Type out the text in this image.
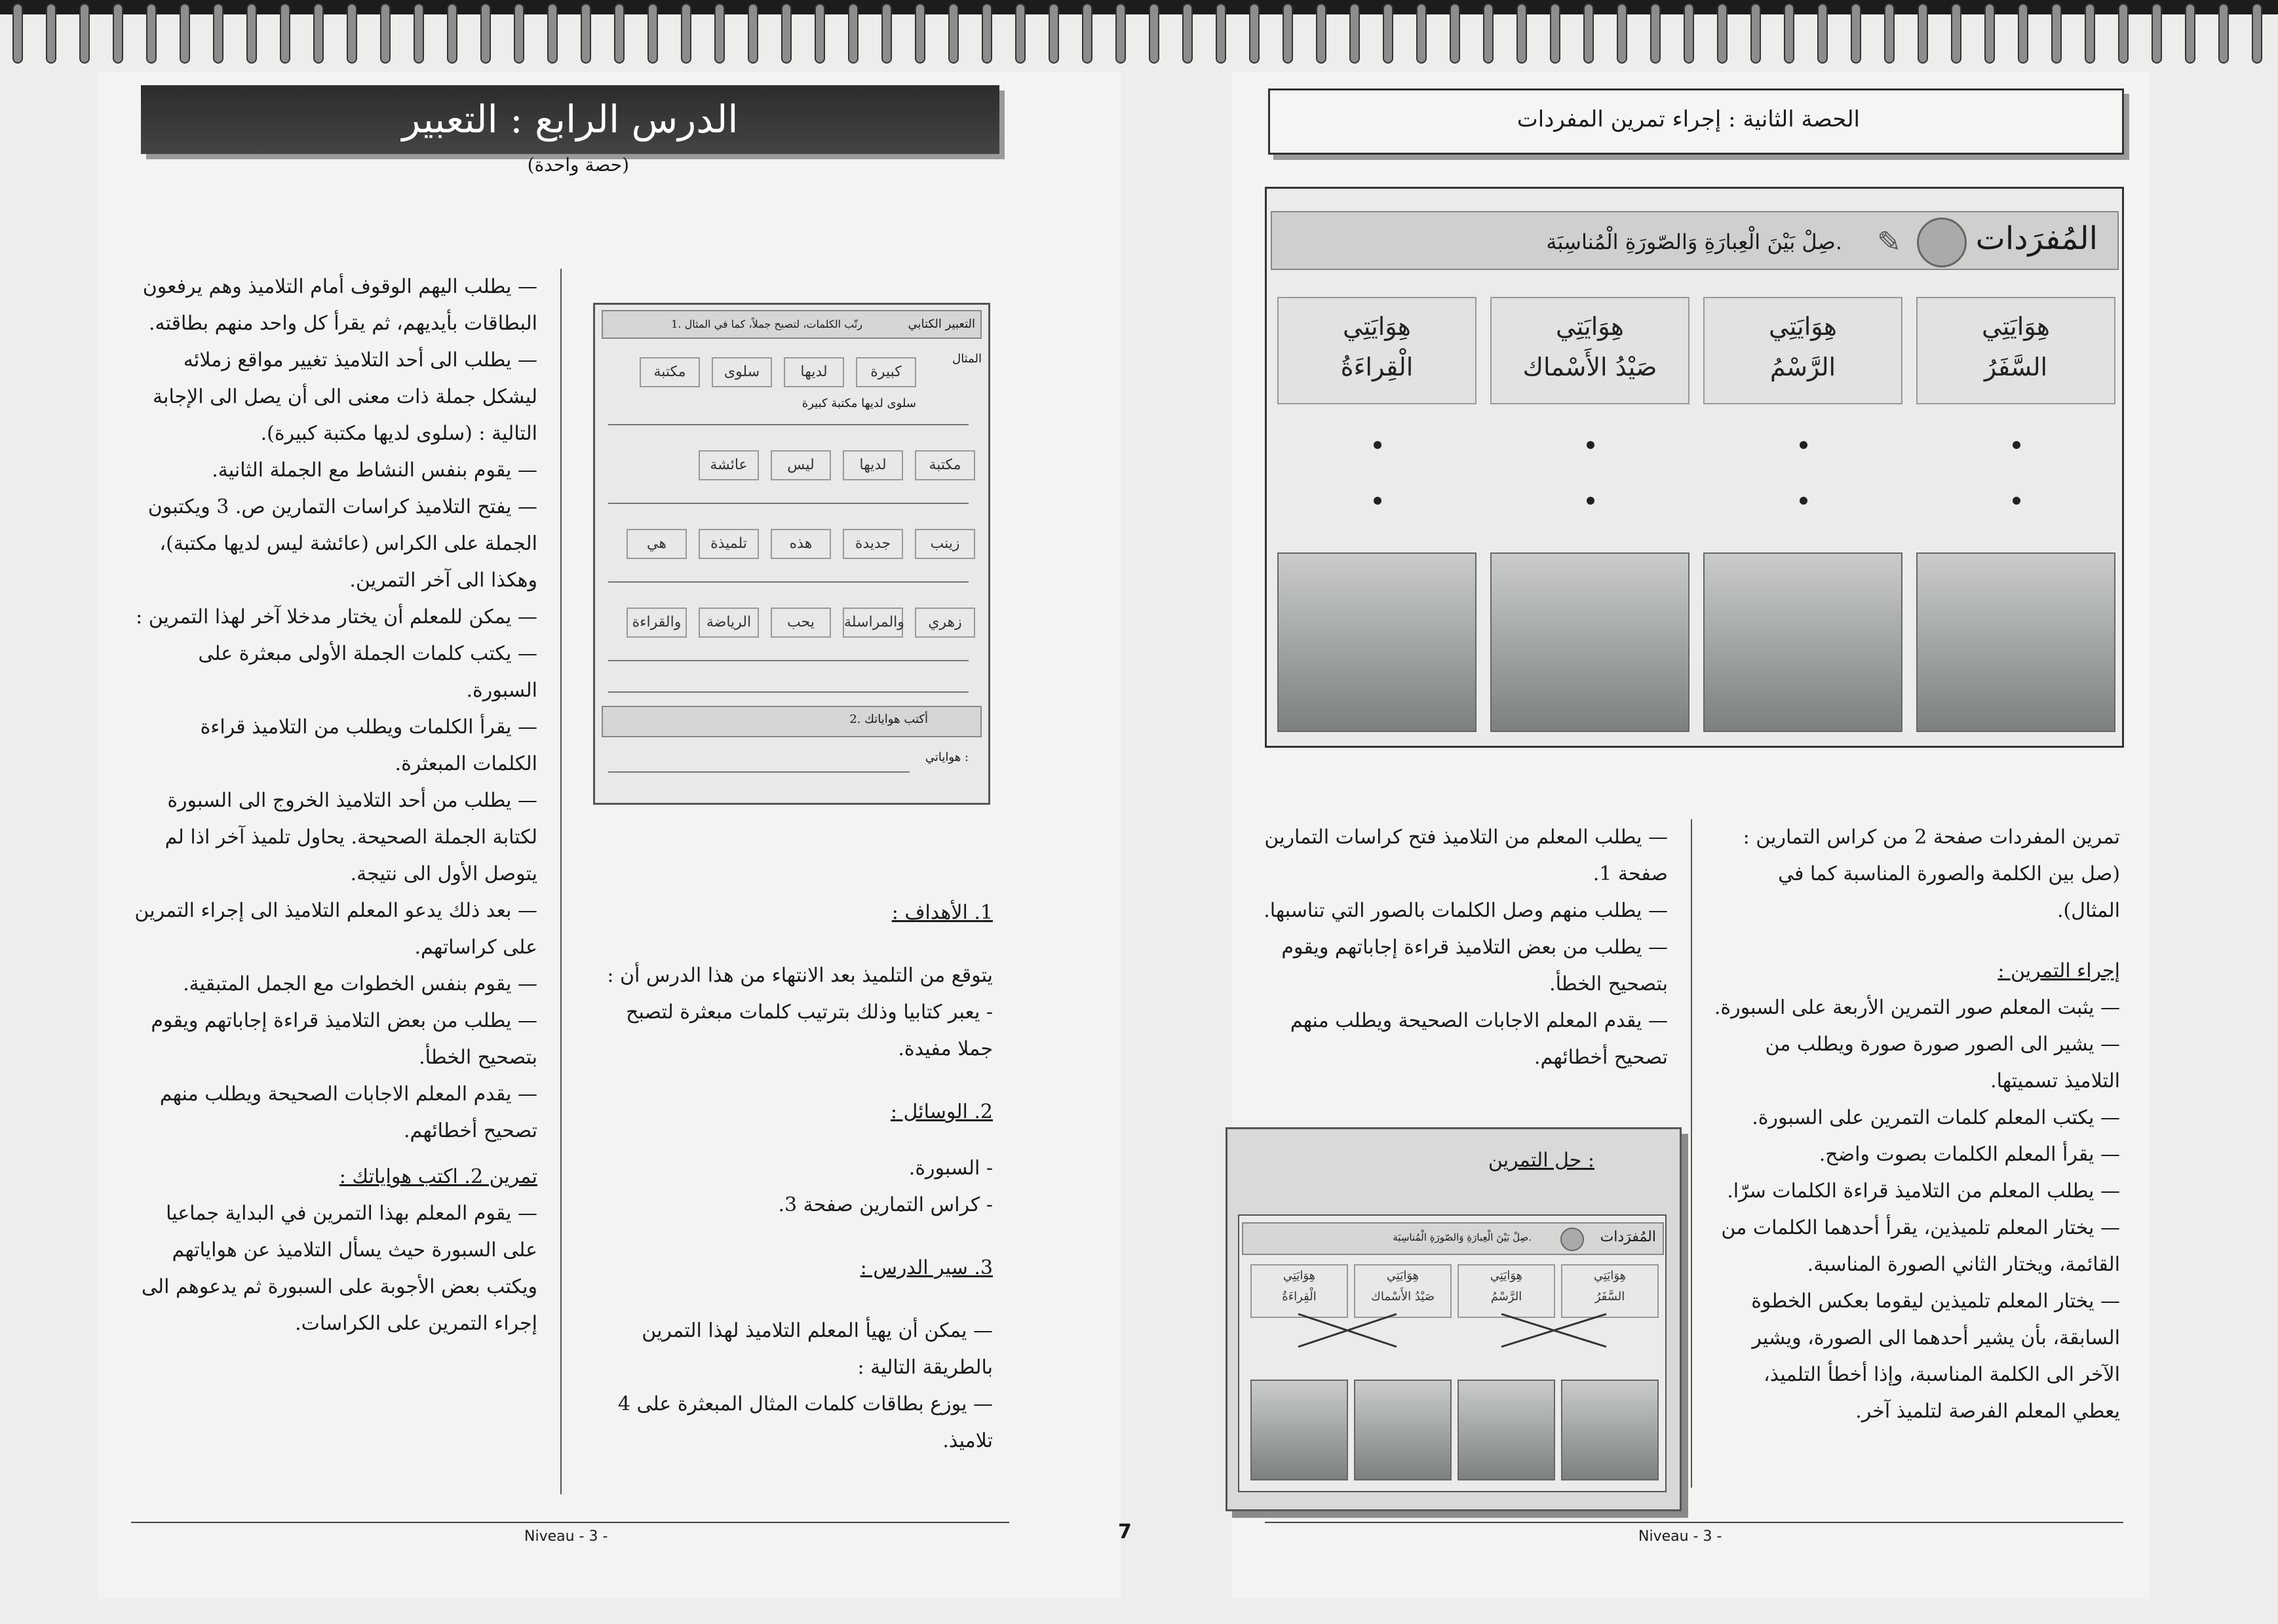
الدرس الرابع : التعبير
(حصة واحدة)

— يطلب اليهم الوقوف أمام التلاميذ وهم يرفعون البطاقات بأيديهم، ثم يقرأ كل واحد منهم بطاقته.

— يطلب الى أحد التلاميذ تغيير مواقع زملائه ليشكل جملة ذات معنى الى أن يصل الى الإجابة التالية : (سلوى لديها مكتبة كبيرة).

— يقوم بنفس النشاط مع الجملة الثانية.

— يفتح التلاميذ كراسات التمارين ص. 3 ويكتبون الجملة على الكراس (عائشة ليس لديها مكتبة)، وهكذا الى آخر التمرين.

— يمكن للمعلم أن يختار مدخلا آخر لهذا التمرين :

— يكتب كلمات الجملة الأولى مبعثرة على السبورة.

— يقرأ الكلمات ويطلب من التلاميذ قراءة الكلمات المبعثرة.

— يطلب من أحد التلاميذ الخروج الى السبورة لكتابة الجملة الصحيحة. يحاول تلميذ آخر اذا لم يتوصل الأول الى نتيجة.

— بعد ذلك يدعو المعلم التلاميذ الى إجراء التمرين على كراساتهم.

— يقوم بنفس الخطوات مع الجمل المتبقية.

— يطلب من بعض التلاميذ قراءة إجاباتهم ويقوم بتصحيح الخطأ.

— يقدم المعلم الاجابات الصحيحة ويطلب منهم تصحيح أخطائهم.

تمرين 2. اكتب هواياتك :

— يقوم المعلم بهذا التمرين في البداية جماعيا على السبورة حيث يسأل التلاميذ عن هواياتهم ويكتب بعض الأجوبة على السبورة ثم يدعوهم الى إجراء التمرين على الكراسات.

التعبير الكتابي
1. رتّب الكلمات، لتصبح جملاً، كما في المثال
المثال
كبيرة
لديها
سلوى
مكتبة
سلوى لديها مكتبة كبيرة
مكتبة
لديها
ليس
عائشة
زينب
جديدة
هذه
تلميذة
هي
زهري
والمراسلة
يحب
الرياضة
والقراءة
2. أكتب هواياتك
هواياتي :

1. الأهداف :

يتوقع من التلميذ بعد الانتهاء من هذا الدرس أن :

- يعبر كتابيا وذلك بترتيب كلمات مبعثرة لتصبح جملا مفيدة.

2. الوسائل :

- السبورة.

- كراس التمارين صفحة 3.

3. سير الدرس :

— يمكن أن يهيأ المعلم التلاميذ لهذا التمرين بالطريقة التالية :

— يوزع بطاقات كلمات المثال المبعثرة على 4 تلاميذ.

Niveau - 3 -	7
الحصة الثانية : إجراء تمرين المفردات
المُفرَدات
✎
صِلْ بَيْنَ الْعِبارَةِ وَالصّورَةِ الْمُناسِبَة.
هِوَايَتِي
السَّفَرُ
هِوَايَتِي
الرَّسْمُ
هِوَايَتِي
صَيْدُ الأَسْماك
هِوَايَتِي
الْقِراءَةُ

تمرين المفردات صفحة 2 من كراس التمارين : (صل بين الكلمة والصورة المناسبة كما في المثال).

إجراء التمرين :

— يثبت المعلم صور التمرين الأربعة على السبورة.

— يشير الى الصور صورة صورة ويطلب من التلاميذ تسميتها.

— يكتب المعلم كلمات التمرين على السبورة.

— يقرأ المعلم الكلمات بصوت واضح.

— يطلب المعلم من التلاميذ قراءة الكلمات سرّا.

— يختار المعلم تلميذين، يقرأ أحدهما الكلمات من القائمة، ويختار الثاني الصورة المناسبة.

— يختار المعلم تلميذين ليقوما بعكس الخطوة السابقة، بأن يشير أحدهما الى الصورة، ويشير الآخر الى الكلمة المناسبة، وإذا أخطأ التلميذ، يعطي المعلم الفرصة لتلميذ آخر.

— يطلب المعلم من التلاميذ فتح كراسات التمارين صفحة 1.

— يطلب منهم وصل الكلمات بالصور التي تناسبها.

— يطلب من بعض التلاميذ قراءة إجاباتهم ويقوم بتصحيح الخطأ.

— يقدم المعلم الاجابات الصحيحة ويطلب منهم تصحيح أخطائهم.

حل التمرين :
المُفرَدات
صِلْ بَيْنَ الْعِبارَةِ وَالصّورَةِ الْمُناسِبَة.
هِوَايَتِي
السَّفَرُ
هِوَايَتِي
الرَّسْمُ
هِوَايَتِي
صَيْدُ الأَسْماك
هِوَايَتِي
الْقِراءَةُ
Niveau - 3 -
